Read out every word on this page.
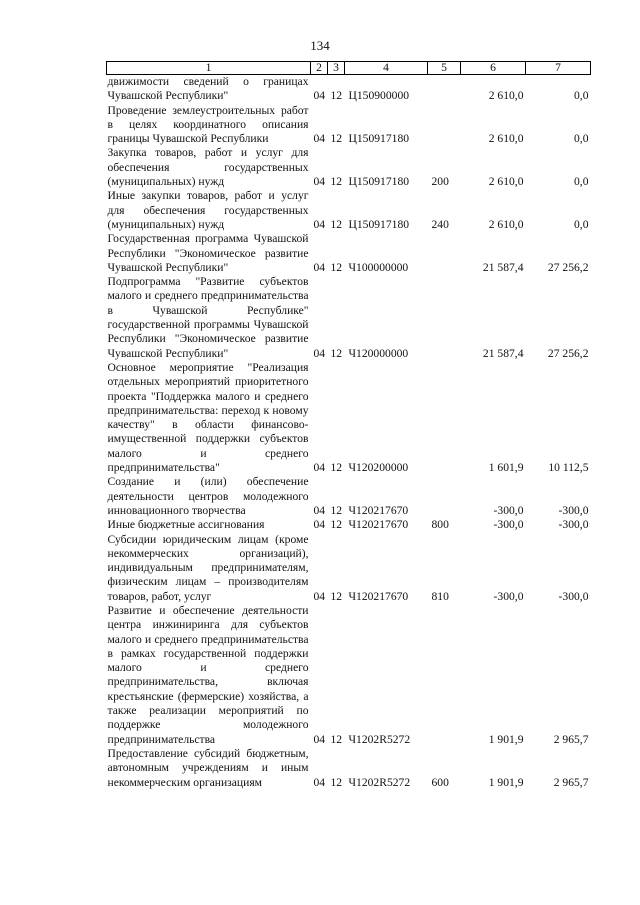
134
1	2	3	4	5	6	7
движимости сведений о границах Чувашской Республики"	04	12	Ц150900000		2 610,0	0,0
Проведение землеустроительных работ в целях координатного описания границы Чувашской Республики	04	12	Ц150917180		2 610,0	0,0
Закупка товаров, работ и услуг для обеспечения государственных (муниципальных) нужд	04	12	Ц150917180	200	2 610,0	0,0
Иные закупки товаров, работ и услуг для обеспечения государственных (муниципальных) нужд	04	12	Ц150917180	240	2 610,0	0,0
Государственная программа Чувашской Республики "Экономическое развитие Чувашской Республики"	04	12	Ч100000000		21 587,4	27 256,2
Подпрограмма "Развитие субъектов малого и среднего предпринимательства в Чувашской Республике" государственной программы Чувашской Республики "Экономическое развитие Чувашской Республики"	04	12	Ч120000000		21 587,4	27 256,2
Основное мероприятие "Реализация отдельных мероприятий приоритетного проекта "Поддержка малого и среднего предпринимательства: переход к новому качеству" в области финансово-имущественной поддержки субъектов малого и среднего предпринимательства"	04	12	Ч120200000		1 601,9	10 112,5
Создание и (или) обеспечение деятельности центров молодежного инновационного творчества	04	12	Ч120217670		-300,0	-300,0
Иные бюджетные ассигнования	04	12	Ч120217670	800	-300,0	-300,0
Субсидии юридическим лицам (кроме некоммерческих организаций), индивидуальным предпринимателям, физическим лицам – производителям товаров, работ, услуг	04	12	Ч120217670	810	-300,0	-300,0
Развитие и обеспечение деятельности центра инжиниринга для субъектов малого и среднего предпринимательства в рамках государственной поддержки малого и среднего предпринимательства, включая крестьянские (фермерские) хозяйства, а также реализации мероприятий по поддержке молодежного предпринимательства	04	12	Ч1202R5272		1 901,9	2 965,7
Предоставление субсидий бюджетным, автономным учреждениям и иным некоммерческим организациям	04	12	Ч1202R5272	600	1 901,9	2 965,7
